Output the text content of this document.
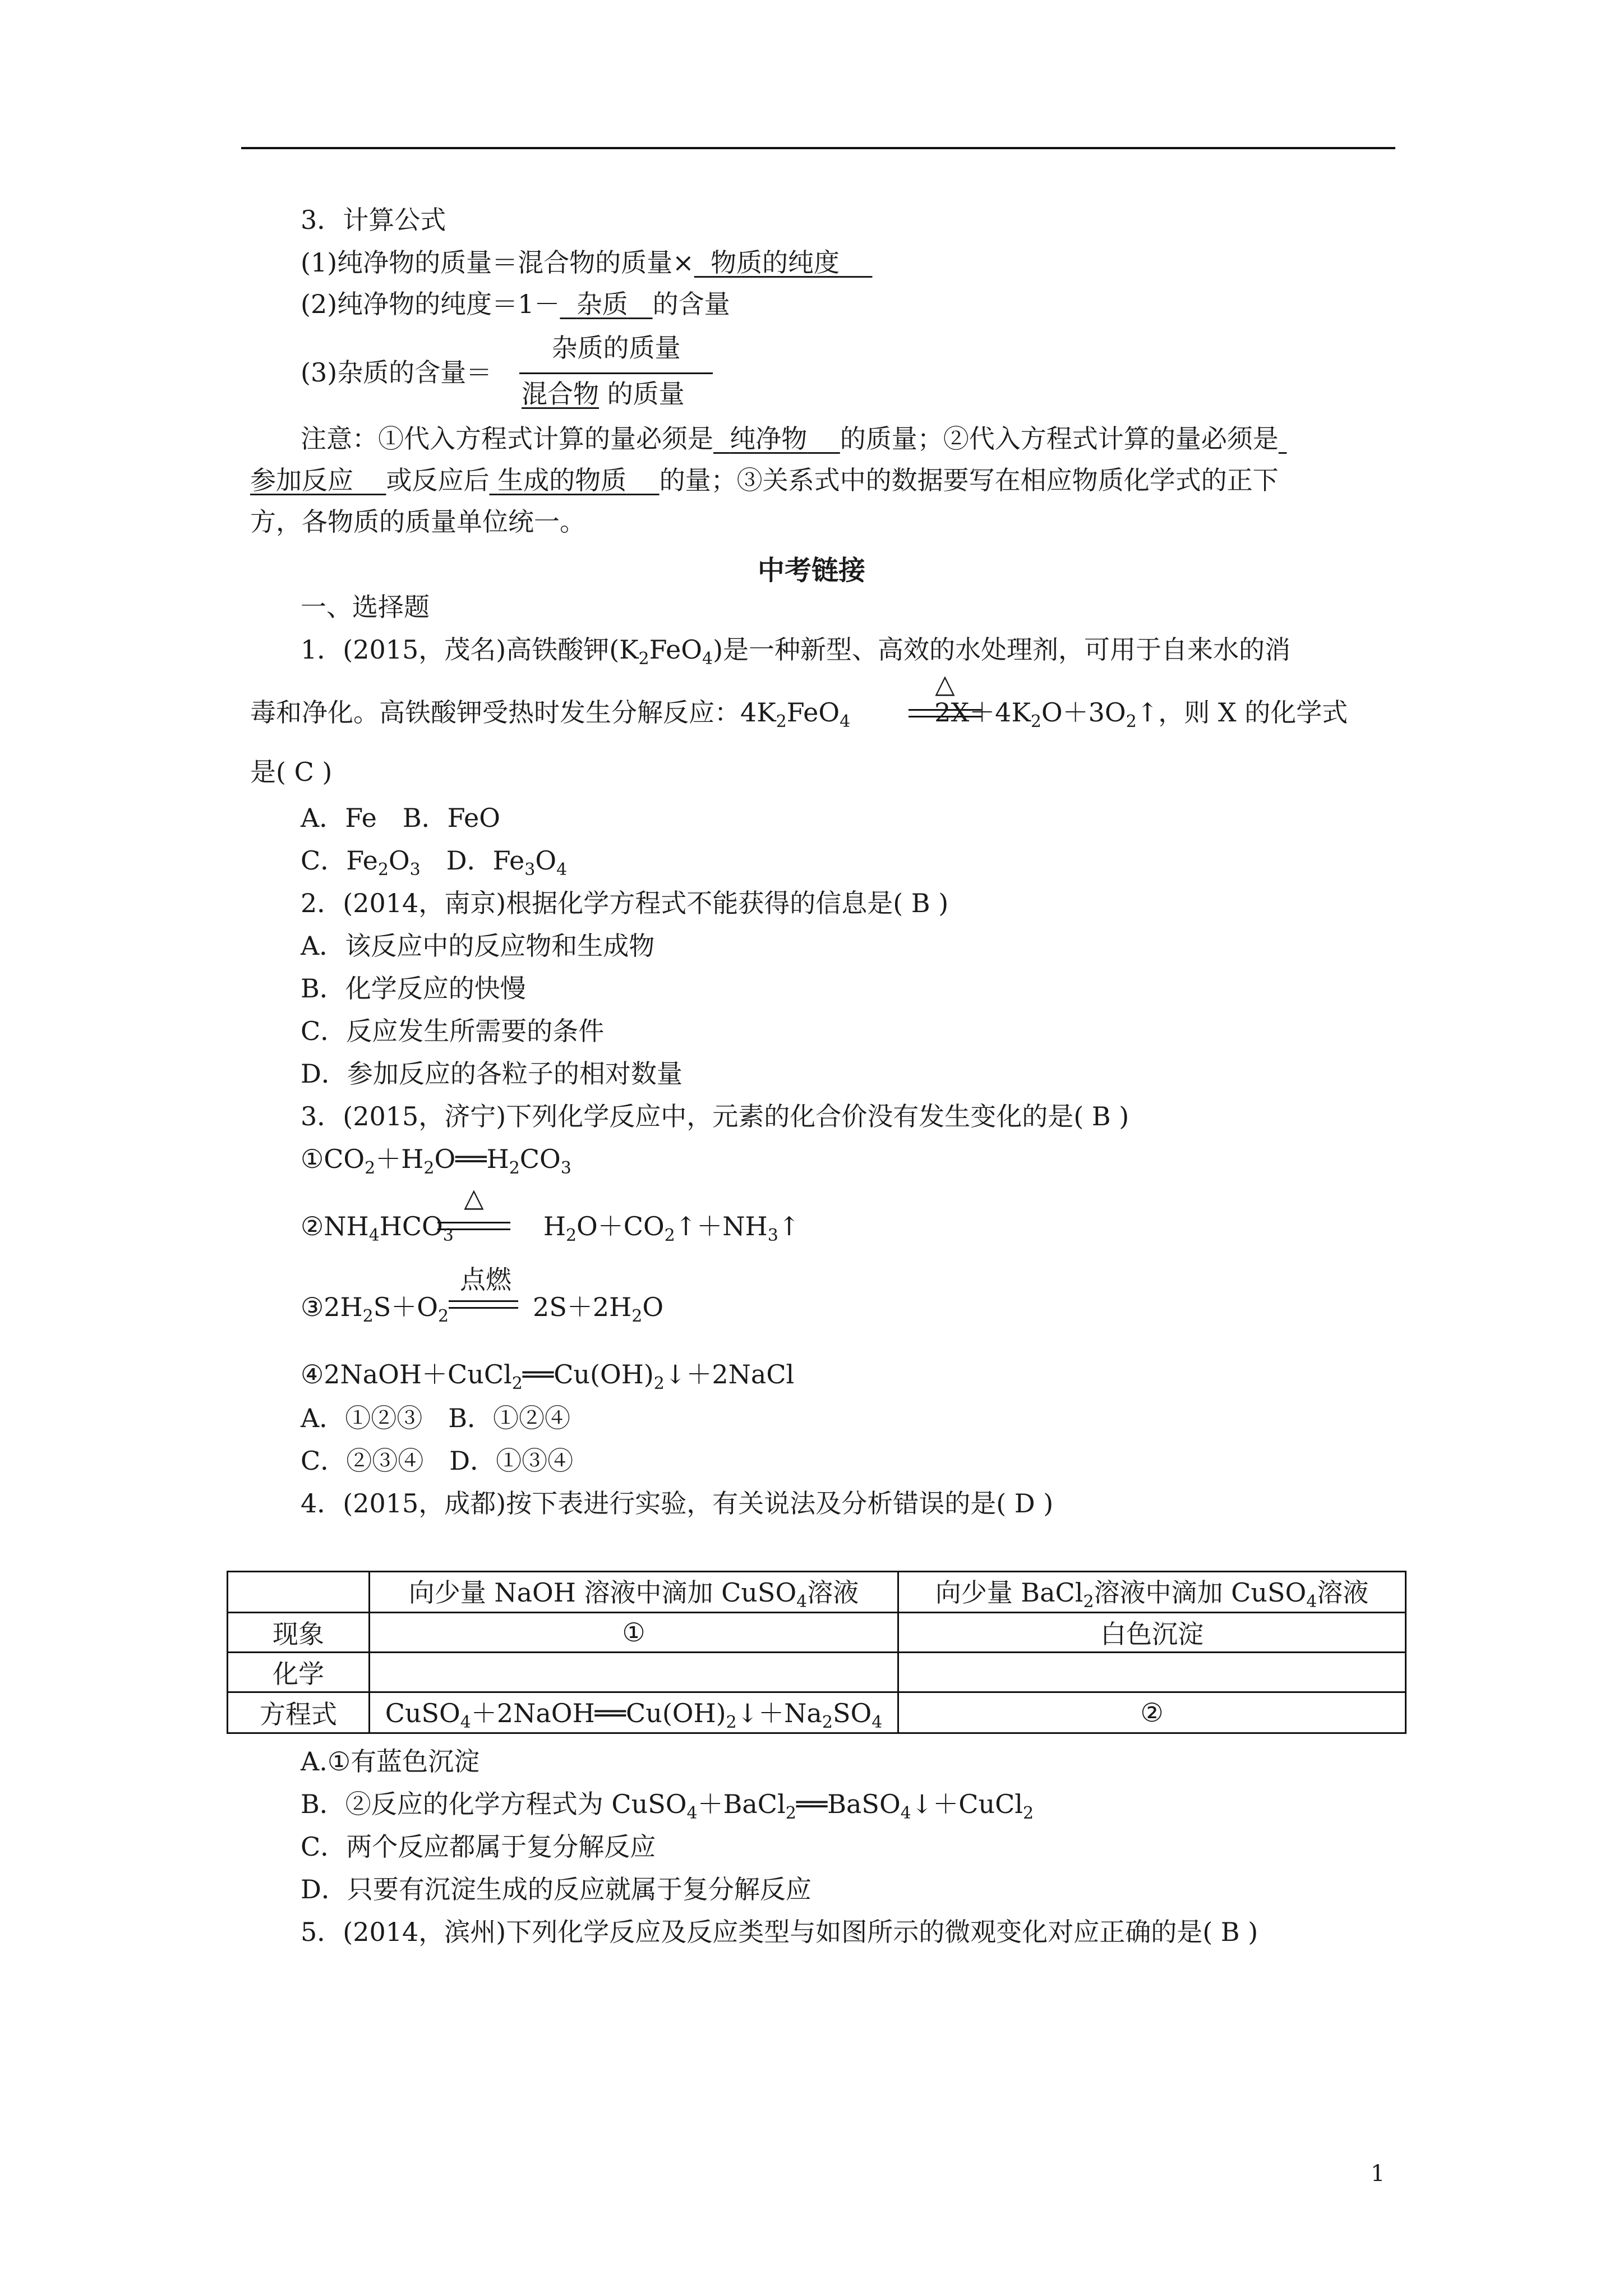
3．计算公式
(1)纯净物的质量＝混合物的质量× 物质的纯度
(2)纯净物的纯度＝1－ 杂质 的含量
(3)杂质的含量＝
杂质的质量
混合物 的质量
注意：①代入方程式计算的量必须是 纯净物 的质量；②代入方程式计算的量必须是
参加反应 或反应后 生成的物质 的量；③关系式中的数据要写在相应物质化学式的正下
方，各物质的质量单位统一。
中考链接
一、选择题
1．(2015，茂名)高铁酸钾$(K_2FeO_4)$是一种新型、高效的水处理剂，可用于自来水的消
△
毒和净化。高铁酸钾受热时发生分解反应：$4K_2FeO_4$	$2X+4K_2O+3O_2↑$，则 X 的化学式
是( C )
A．Fe　B．FeO
C．$Fe_2O_3$　D．$Fe_3O_4$
2．(2014，南京)根据化学方程式不能获得的信息是( B )
A．该反应中的反应物和生成物
B．化学反应的快慢
C．反应发生所需要的条件
D．参加反应的各粒子的相对数量
3．(2015，济宁)下列化学反应中，元素的化合价没有发生变化的是( B )
$①CO_2+H_2O══H_2CO_3$
△
$②NH_4HCO_3$	$H_2O+CO_2↑+NH_3↑$
点燃
$③2H_2S+O_2$	$2S+2H_2O$
$④2NaOH+CuCl_2══Cu(OH)_2↓+2NaCl$
A．①②③　B．①②④
C．②③④　D．①③④
4．(2015，成都)按下表进行实验，有关说法及分析错误的是( D )
	向少量 NaOH 溶液中滴加 CuSO$_4$溶液	向少量 BaCl$_2$溶液中滴加 CuSO$_4$溶液
现象	①	白色沉淀
化学		
方程式	$CuSO_4+2NaOH══Cu(OH)_2↓+Na_2SO_4$	②
A.①有蓝色沉淀
B．②反应的化学方程式为 CuSO$_4$＋BaCl$_2$══BaSO$_4$↓＋CuCl$_2$
C．两个反应都属于复分解反应
D．只要有沉淀生成的反应就属于复分解反应
5．(2014，滨州)下列化学反应及反应类型与如图所示的微观变化对应正确的是( B )
1
